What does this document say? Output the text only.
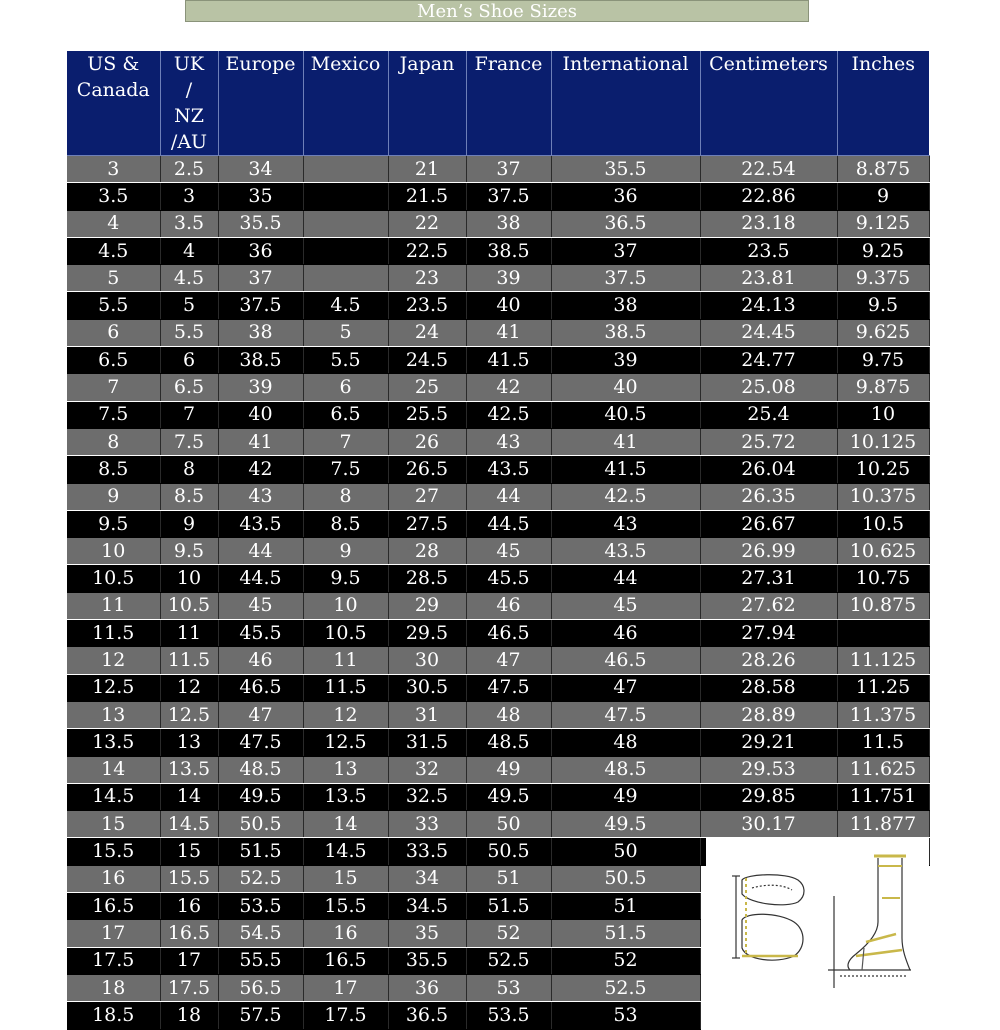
Men’s Shoe Sizes
US &
Canada	UK
/
NZ
/AU	Europe	Mexico	Japan	France	International	Centimeters	Inches
3	2.5	34		21	37	35.5	22.54	8.875
3.5	3	35		21.5	37.5	36	22.86	9
4	3.5	35.5		22	38	36.5	23.18	9.125
4.5	4	36		22.5	38.5	37	23.5	9.25
5	4.5	37		23	39	37.5	23.81	9.375
5.5	5	37.5	4.5	23.5	40	38	24.13	9.5
6	5.5	38	5	24	41	38.5	24.45	9.625
6.5	6	38.5	5.5	24.5	41.5	39	24.77	9.75
7	6.5	39	6	25	42	40	25.08	9.875
7.5	7	40	6.5	25.5	42.5	40.5	25.4	10
8	7.5	41	7	26	43	41	25.72	10.125
8.5	8	42	7.5	26.5	43.5	41.5	26.04	10.25
9	8.5	43	8	27	44	42.5	26.35	10.375
9.5	9	43.5	8.5	27.5	44.5	43	26.67	10.5
10	9.5	44	9	28	45	43.5	26.99	10.625
10.5	10	44.5	9.5	28.5	45.5	44	27.31	10.75
11	10.5	45	10	29	46	45	27.62	10.875
11.5	11	45.5	10.5	29.5	46.5	46	27.94	
12	11.5	46	11	30	47	46.5	28.26	11.125
12.5	12	46.5	11.5	30.5	47.5	47	28.58	11.25
13	12.5	47	12	31	48	47.5	28.89	11.375
13.5	13	47.5	12.5	31.5	48.5	48	29.21	11.5
14	13.5	48.5	13	32	49	48.5	29.53	11.625
14.5	14	49.5	13.5	32.5	49.5	49	29.85	11.751
15	14.5	50.5	14	33	50	49.5	30.17	11.877
15.5	15	51.5	14.5	33.5	50.5	50		
16	15.5	52.5	15	34	51	50.5		
16.5	16	53.5	15.5	34.5	51.5	51		
17	16.5	54.5	16	35	52	51.5		
17.5	17	55.5	16.5	35.5	52.5	52		
18	17.5	56.5	17	36	53	52.5		
18.5	18	57.5	17.5	36.5	53.5	53		
